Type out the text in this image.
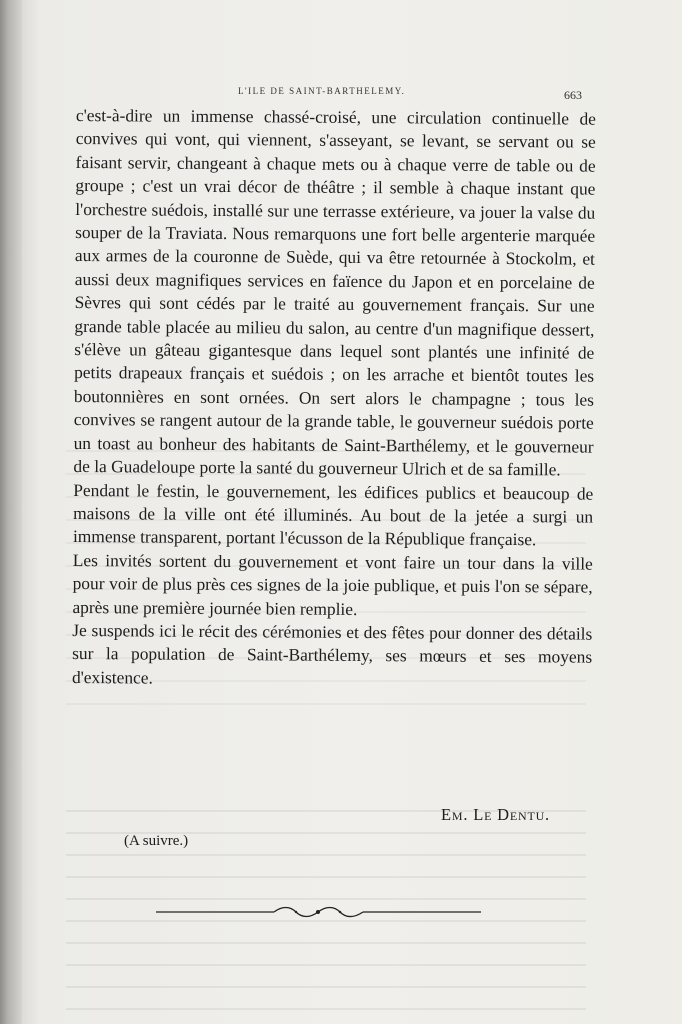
L'ILE DE SAINT-BARTHELEMY.	663

c'est-à-dire un immense chassé-croisé, une circulation continuelle de convives qui vont, qui viennent, s'asseyant, se levant, se servant ou se faisant servir, changeant à chaque mets ou à chaque verre de table ou de groupe ; c'est un vrai décor de théâtre ; il semble à chaque instant que l'orchestre suédois, installé sur une terrasse extérieure, va jouer la valse du souper de la Traviata. Nous remarquons une fort belle argenterie marquée aux armes de la couronne de Suède, qui va être retournée à Stockolm, et aussi deux magnifiques services en faïence du Japon et en porcelaine de Sèvres qui sont cédés par le traité au gouvernement français. Sur une grande table placée au milieu du salon, au centre d'un magnifique dessert, s'élève un gâteau gigantesque dans lequel sont plantés une infinité de petits drapeaux français et suédois ; on les arrache et bientôt toutes les boutonnières en sont ornées. On sert alors le champagne ; tous les convives se rangent autour de la grande table, le gouverneur suédois porte un toast au bonheur des habitants de Saint-Barthélemy, et le gouverneur de la Guadeloupe porte la santé du gouverneur Ulrich et de sa famille.

Pendant le festin, le gouvernement, les édifices publics et beaucoup de maisons de la ville ont été illuminés. Au bout de la jetée a surgi un immense transparent, portant l'écusson de la République française.

Les invités sortent du gouvernement et vont faire un tour dans la ville pour voir de plus près ces signes de la joie publique, et puis l'on se sépare, après une première journée bien remplie.

Je suspends ici le récit des cérémonies et des fêtes pour donner des détails sur la population de Saint-Barthélemy, ses mœurs et ses moyens d'existence.

Em. Le Dentu.
(A suivre.)
